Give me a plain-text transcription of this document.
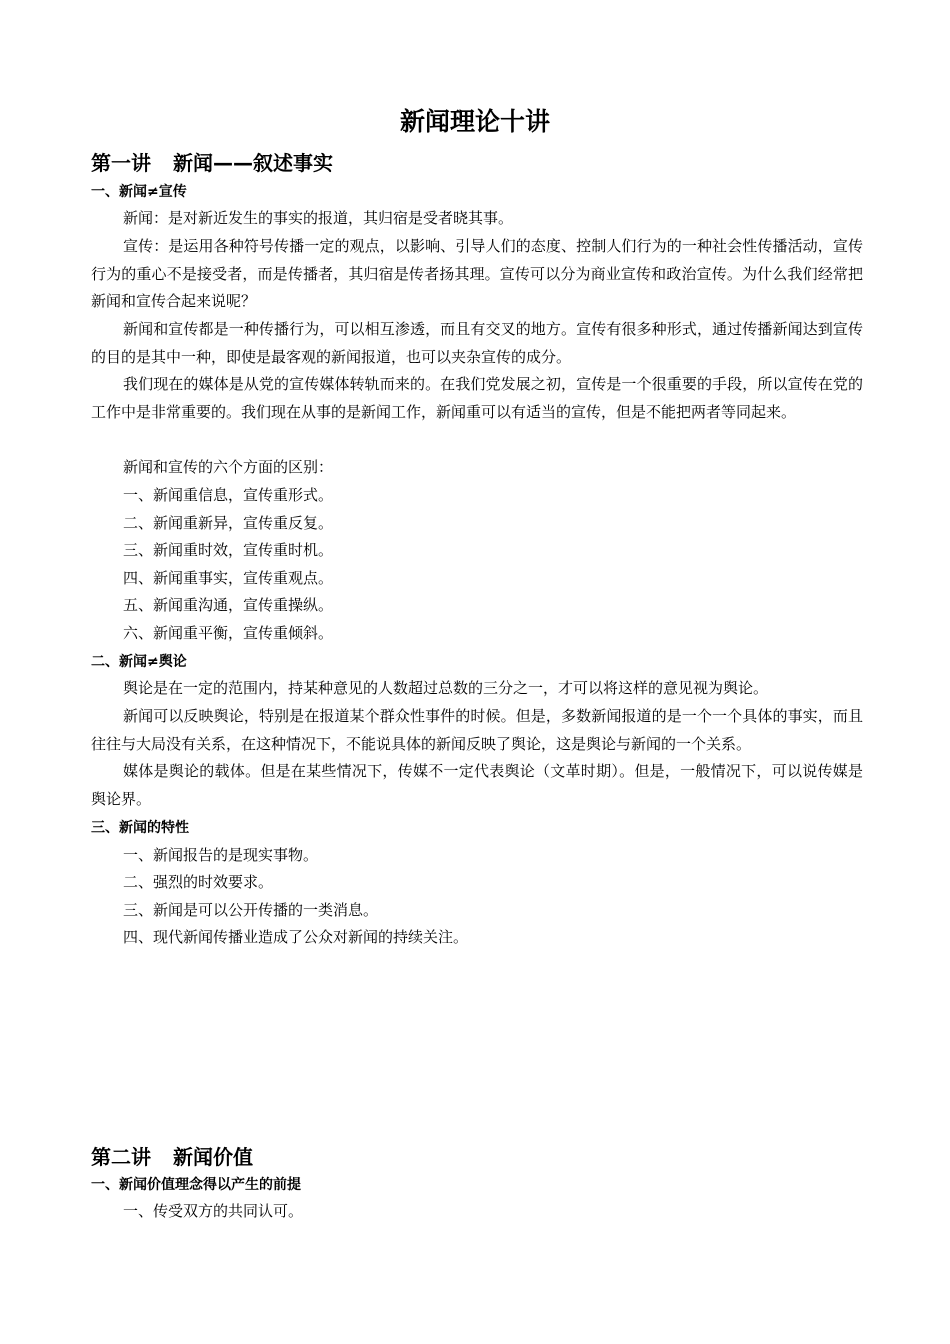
新闻理论十讲
第一讲 新闻——叙述事实
一、新闻≠宣传

新闻：是对新近发生的事实的报道，其归宿是受者晓其事。

宣传：是运用各种符号传播一定的观点，以影响、引导人们的态度、控制人们行为的一种社会性传播活动，宣传行为的重心不是接受者，而是传播者，其归宿是传者扬其理。宣传可以分为商业宣传和政治宣传。为什么我们经常把新闻和宣传合起来说呢？

新闻和宣传都是一种传播行为，可以相互渗透，而且有交叉的地方。宣传有很多种形式，通过传播新闻达到宣传的目的是其中一种，即使是最客观的新闻报道，也可以夹杂宣传的成分。

我们现在的媒体是从党的宣传媒体转轨而来的。在我们党发展之初，宣传是一个很重要的手段，所以宣传在党的工作中是非常重要的。我们现在从事的是新闻工作，新闻重可以有适当的宣传，但是不能把两者等同起来。

新闻和宣传的六个方面的区别：

一、新闻重信息，宣传重形式。

二、新闻重新异，宣传重反复。

三、新闻重时效，宣传重时机。

四、新闻重事实，宣传重观点。

五、新闻重沟通，宣传重操纵。

六、新闻重平衡，宣传重倾斜。

二、新闻≠舆论

舆论是在一定的范围内，持某种意见的人数超过总数的三分之一，才可以将这样的意见视为舆论。

新闻可以反映舆论，特别是在报道某个群众性事件的时候。但是，多数新闻报道的是一个一个具体的事实，而且往往与大局没有关系，在这种情况下，不能说具体的新闻反映了舆论，这是舆论与新闻的一个关系。

媒体是舆论的载体。但是在某些情况下，传媒不一定代表舆论（文革时期）。但是，一般情况下，可以说传媒是舆论界。

三、新闻的特性

一、新闻报告的是现实事物。

二、强烈的时效要求。

三、新闻是可以公开传播的一类消息。

四、现代新闻传播业造成了公众对新闻的持续关注。

第二讲 新闻价值
一、新闻价值理念得以产生的前提

一、传受双方的共同认可。
